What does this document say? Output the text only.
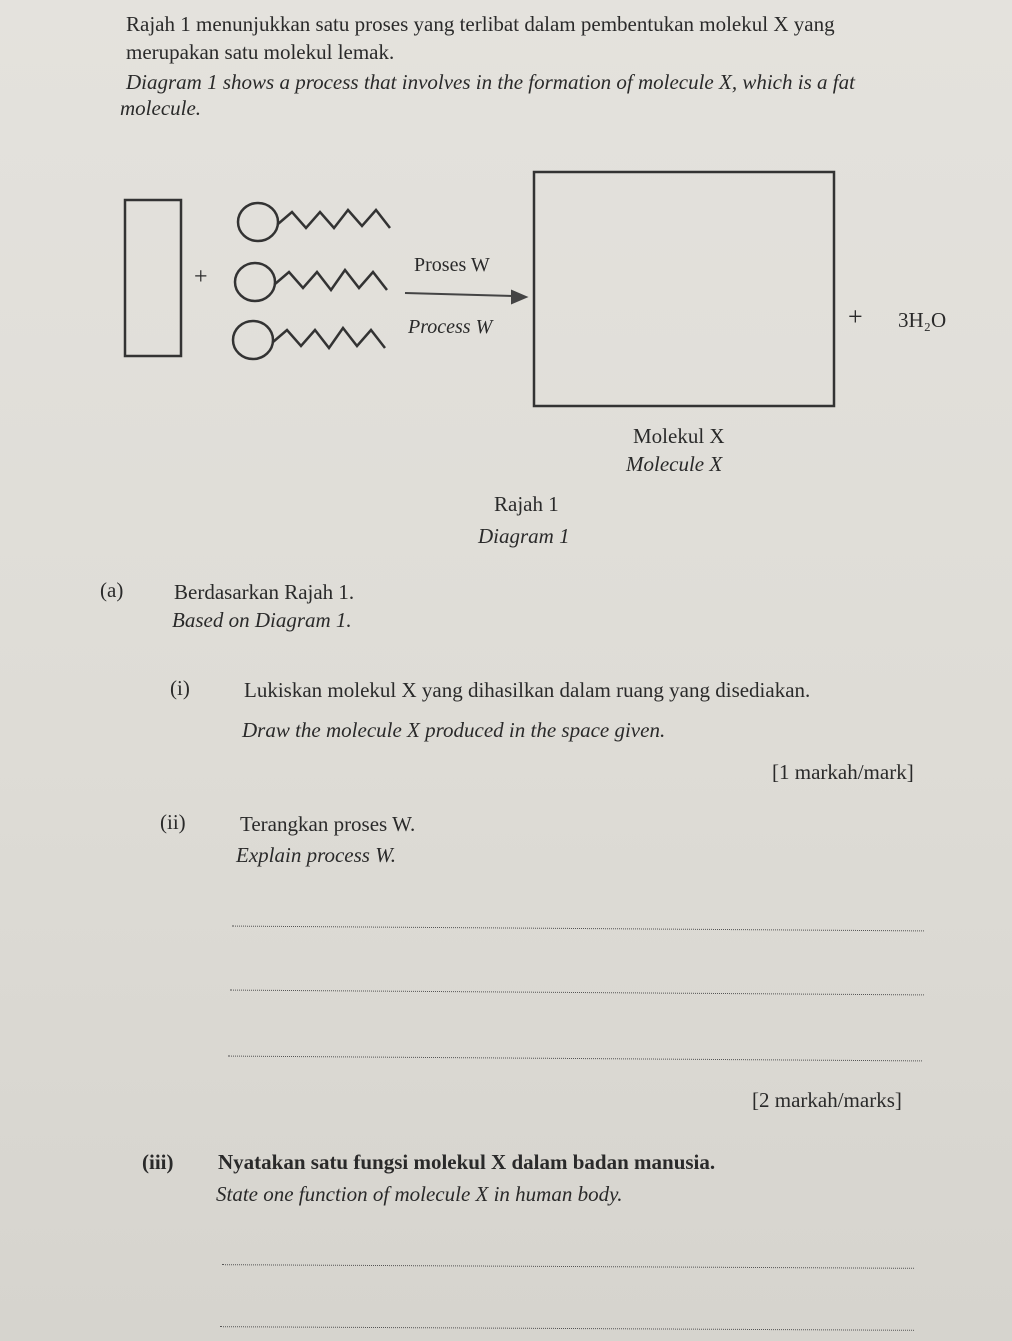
Rajah 1 menunjukkan satu proses yang terlibat dalam pembentukan molekul X yang
merupakan satu molekul lemak.
Diagram 1 shows a process that involves in the formation of molecule X, which is a fat
molecule.
+	Proses W
Process W	+ 3H₂O
Molekul X
Molecule X
Rajah 1
Diagram 1
(a) Berdasarkan Rajah 1.
Based on Diagram 1.
(i)	Lukiskan molekul X yang dihasilkan dalam ruang yang disediakan.
Draw the molecule X produced in the space given.
[1 markah/mark]
(ii)	Terangkan proses W.
Explain process W.
[2 markah/marks]
(iii) Nyatakan satu fungsi molekul X dalam badan manusia.
State one function of molecule X in human body.
